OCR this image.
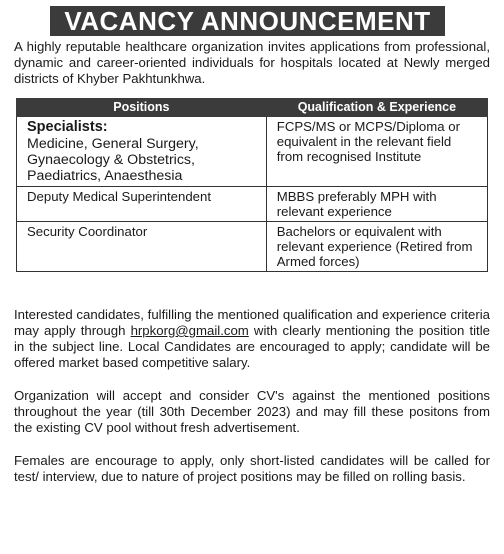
VACANCY ANNOUNCEMENT
A highly reputable healthcare organization invites applications from professional, dynamic and career-oriented individuals for hospitals located at Newly merged districts of Khyber Pakhtunkhwa.
Positions	Qualification & Experience

Specialists:
Medicine, General Surgery, Gynaecology & Obstetrics, Paediatrics, Anaesthesia	FCPS/MS or MCPS/Diploma or equivalent in the relevant field from recognised Institute
Deputy Medical Superintendent	MBBS preferably MPH with relevant experience
Security Coordinator	Bachelors or equivalent with relevant experience (Retired from Armed forces)
Interested candidates, fulfilling the mentioned qualification and experience criteria may apply through hrpkorg@gmail.com with clearly mentioning the position title in the subject line. Local Candidates are encouraged to apply; candidate will be offered market based competitive salary.
Organization will accept and consider CV's against the mentioned positions throughout the year (till 30th December 2023) and may fill these positons from the existing CV pool without fresh advertisement.
Females are encourage to apply, only short-listed candidates will be called for test/ interview, due to nature of project positions may be filled on rolling basis.
